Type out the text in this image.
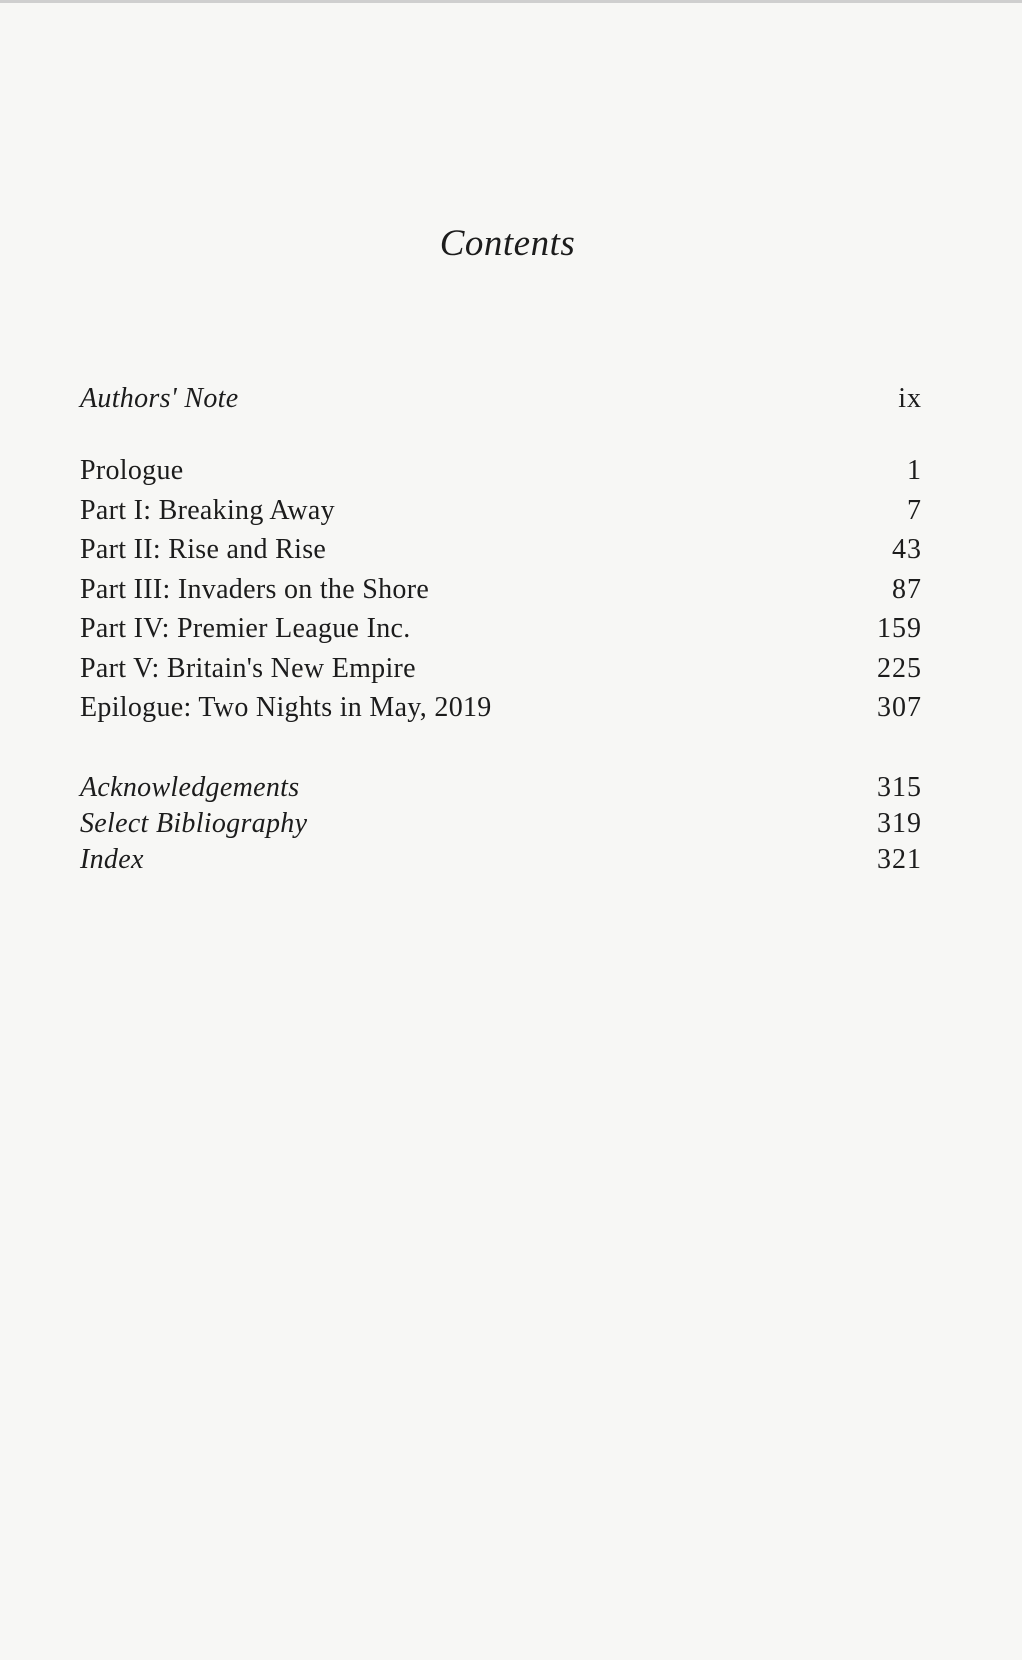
Contents
Authors' Note	ix
Prologue	1
Part I: Breaking Away	7
Part II: Rise and Rise	43
Part III: Invaders on the Shore	87
Part IV: Premier League Inc.	159
Part V: Britain's New Empire	225
Epilogue: Two Nights in May, 2019	307
Acknowledgements	315
Select Bibliography	319
Index	321
